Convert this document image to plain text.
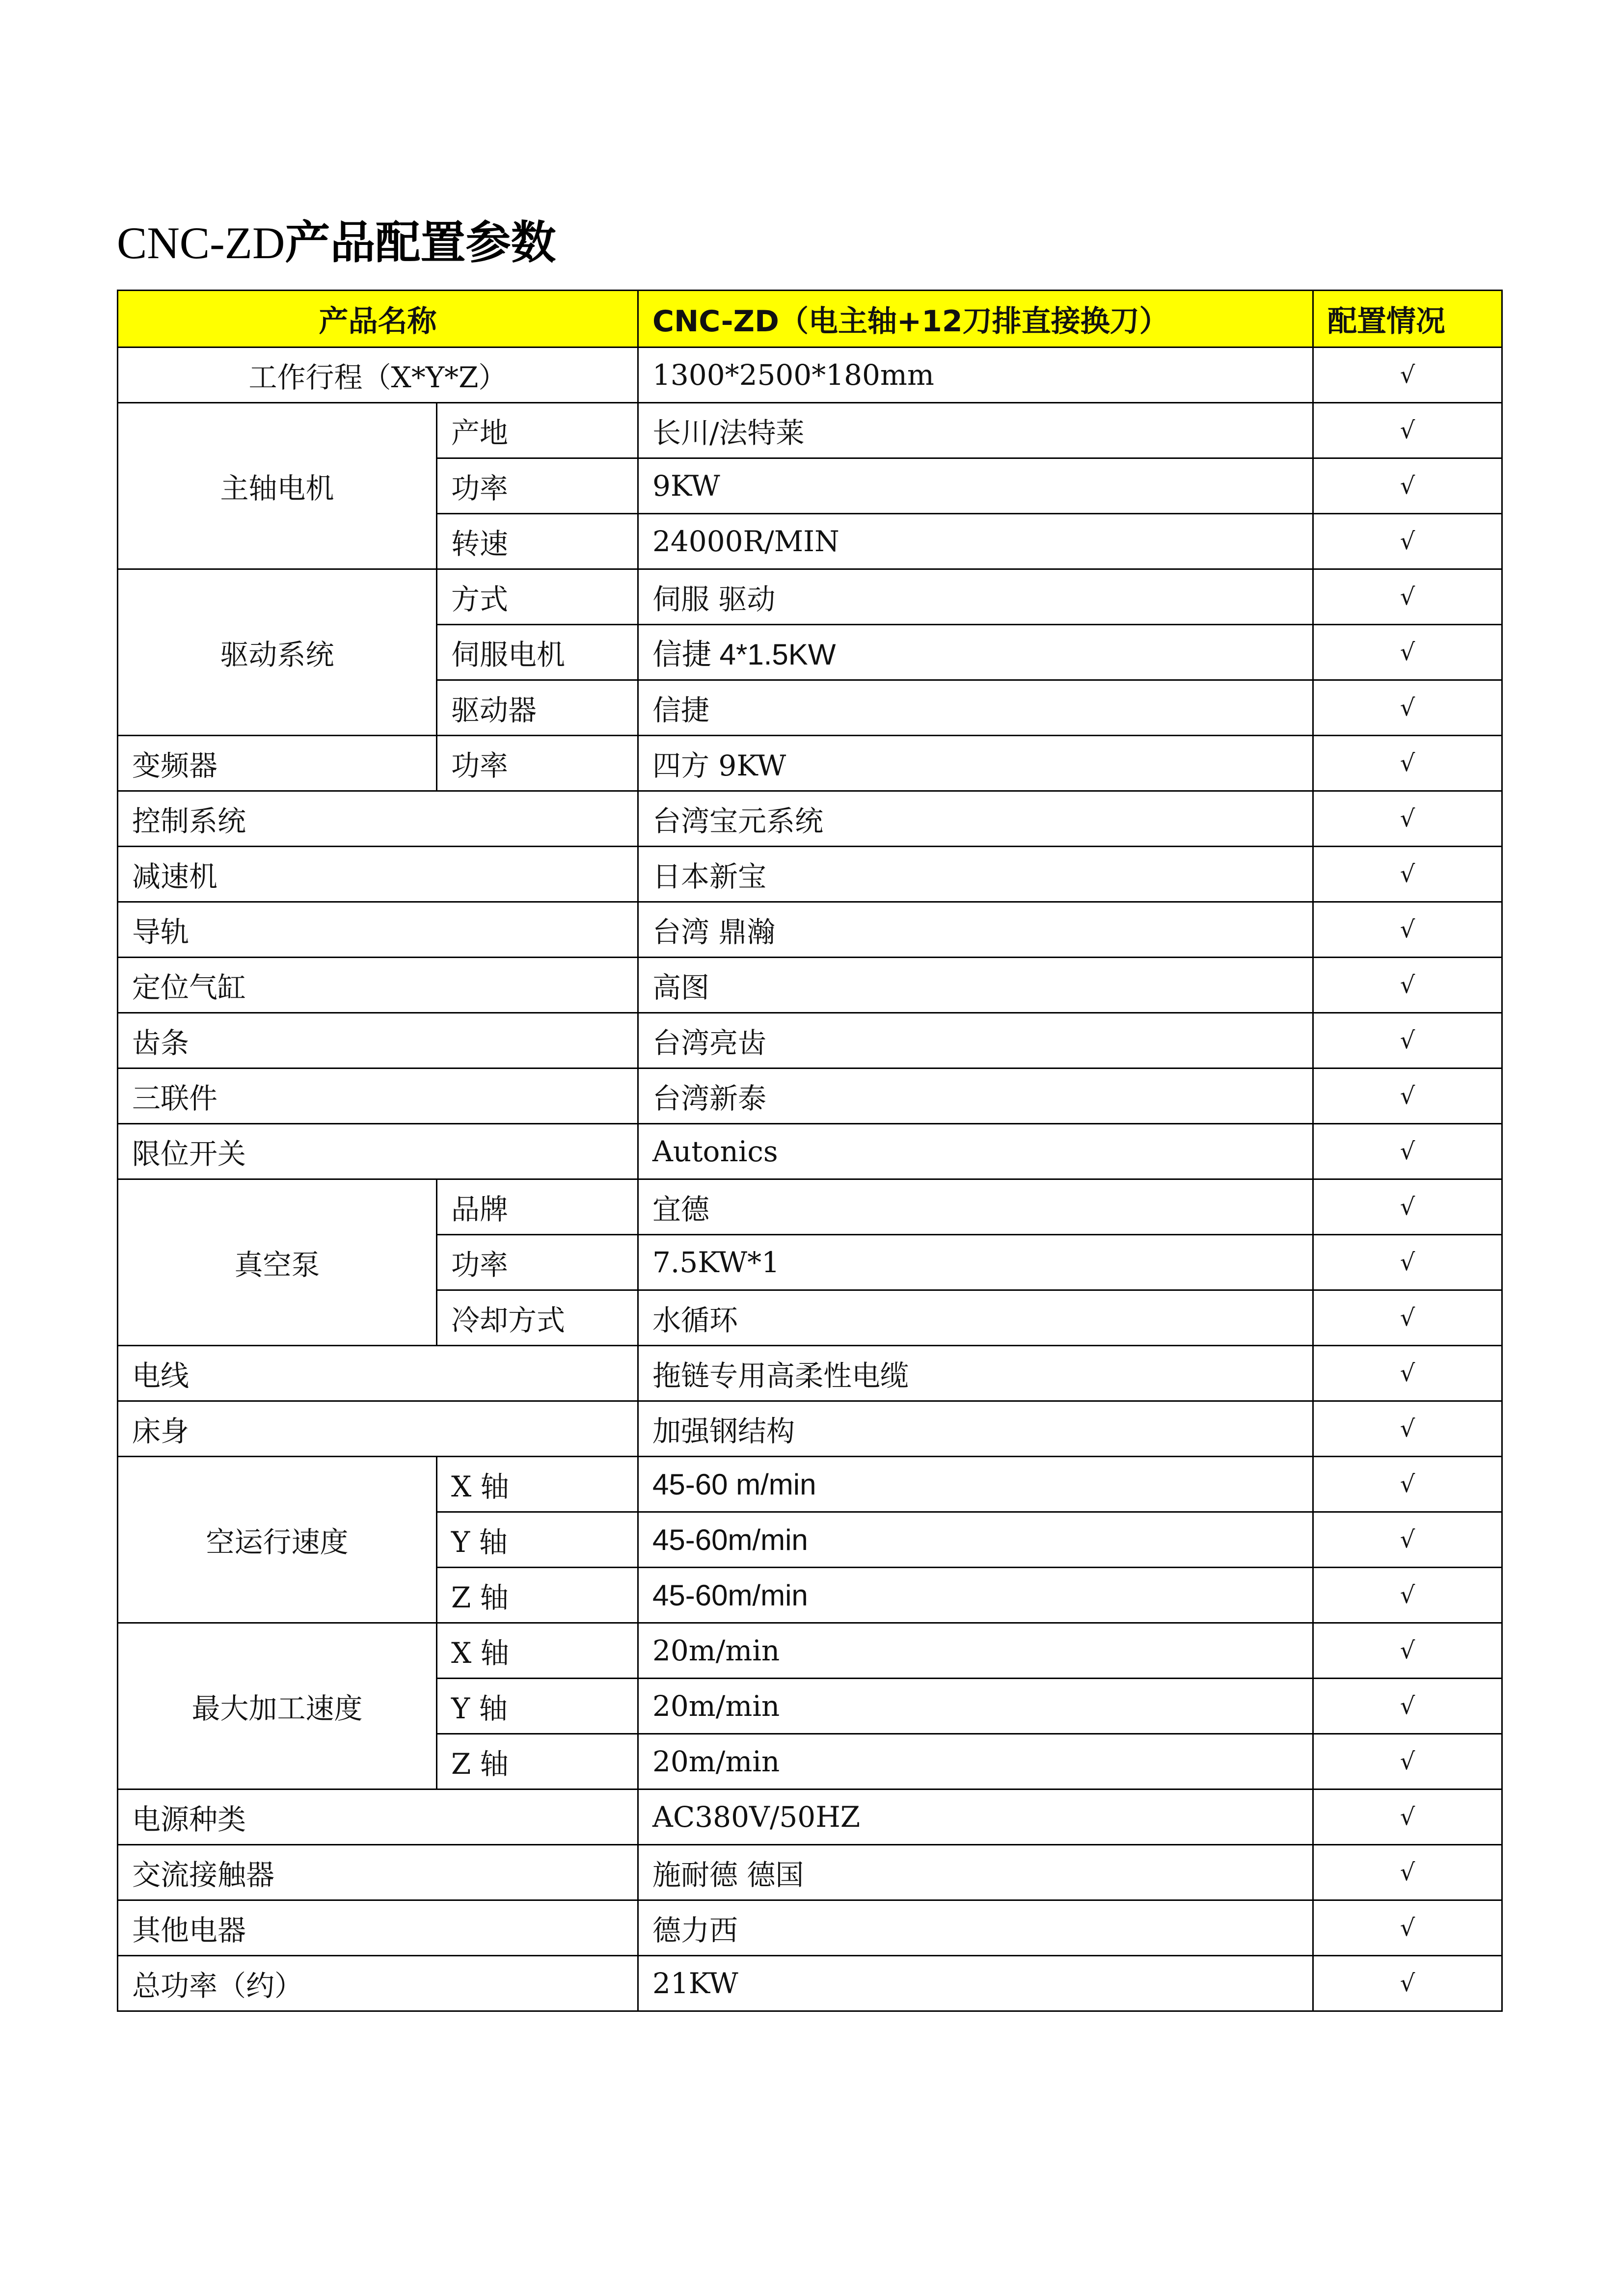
CNC-ZD产品配置参数
产品名称		CNC-ZD（电主轴+12刀排直接换刀）	配置情况
工作行程（X*Y*Z）		1300*2500*180mm	√
主轴电机	产地	长川/法特莱	√
	功率	9KW	√
	转速	24000R/MIN	√
驱动系统	方式	伺服 驱动	√
	伺服电机	信捷 4*1.5KW	√
	驱动器	信捷	√
变频器	功率	四方 9KW	√
控制系统		台湾宝元系统	√
减速机		日本新宝	√
导轨		台湾 鼎瀚	√
定位气缸		高图	√
齿条		台湾亮齿	√
三联件		台湾新泰	√
限位开关		Autonics	√
真空泵	品牌	宜德	√
	功率	7.5KW*1	√
	冷却方式	水循环	√
电线		拖链专用高柔性电缆	√
床身		加强钢结构	√
空运行速度	X 轴	45-60 m/min	√
	Y 轴	45-60m/min	√
	Z 轴	45-60m/min	√
最大加工速度	X 轴	20m/min	√
	Y 轴	20m/min	√
	Z 轴	20m/min	√
电源种类		AC380V/50HZ	√
交流接触器		施耐德 德国	√
其他电器		德力西	√
总功率（约）		21KW	√
